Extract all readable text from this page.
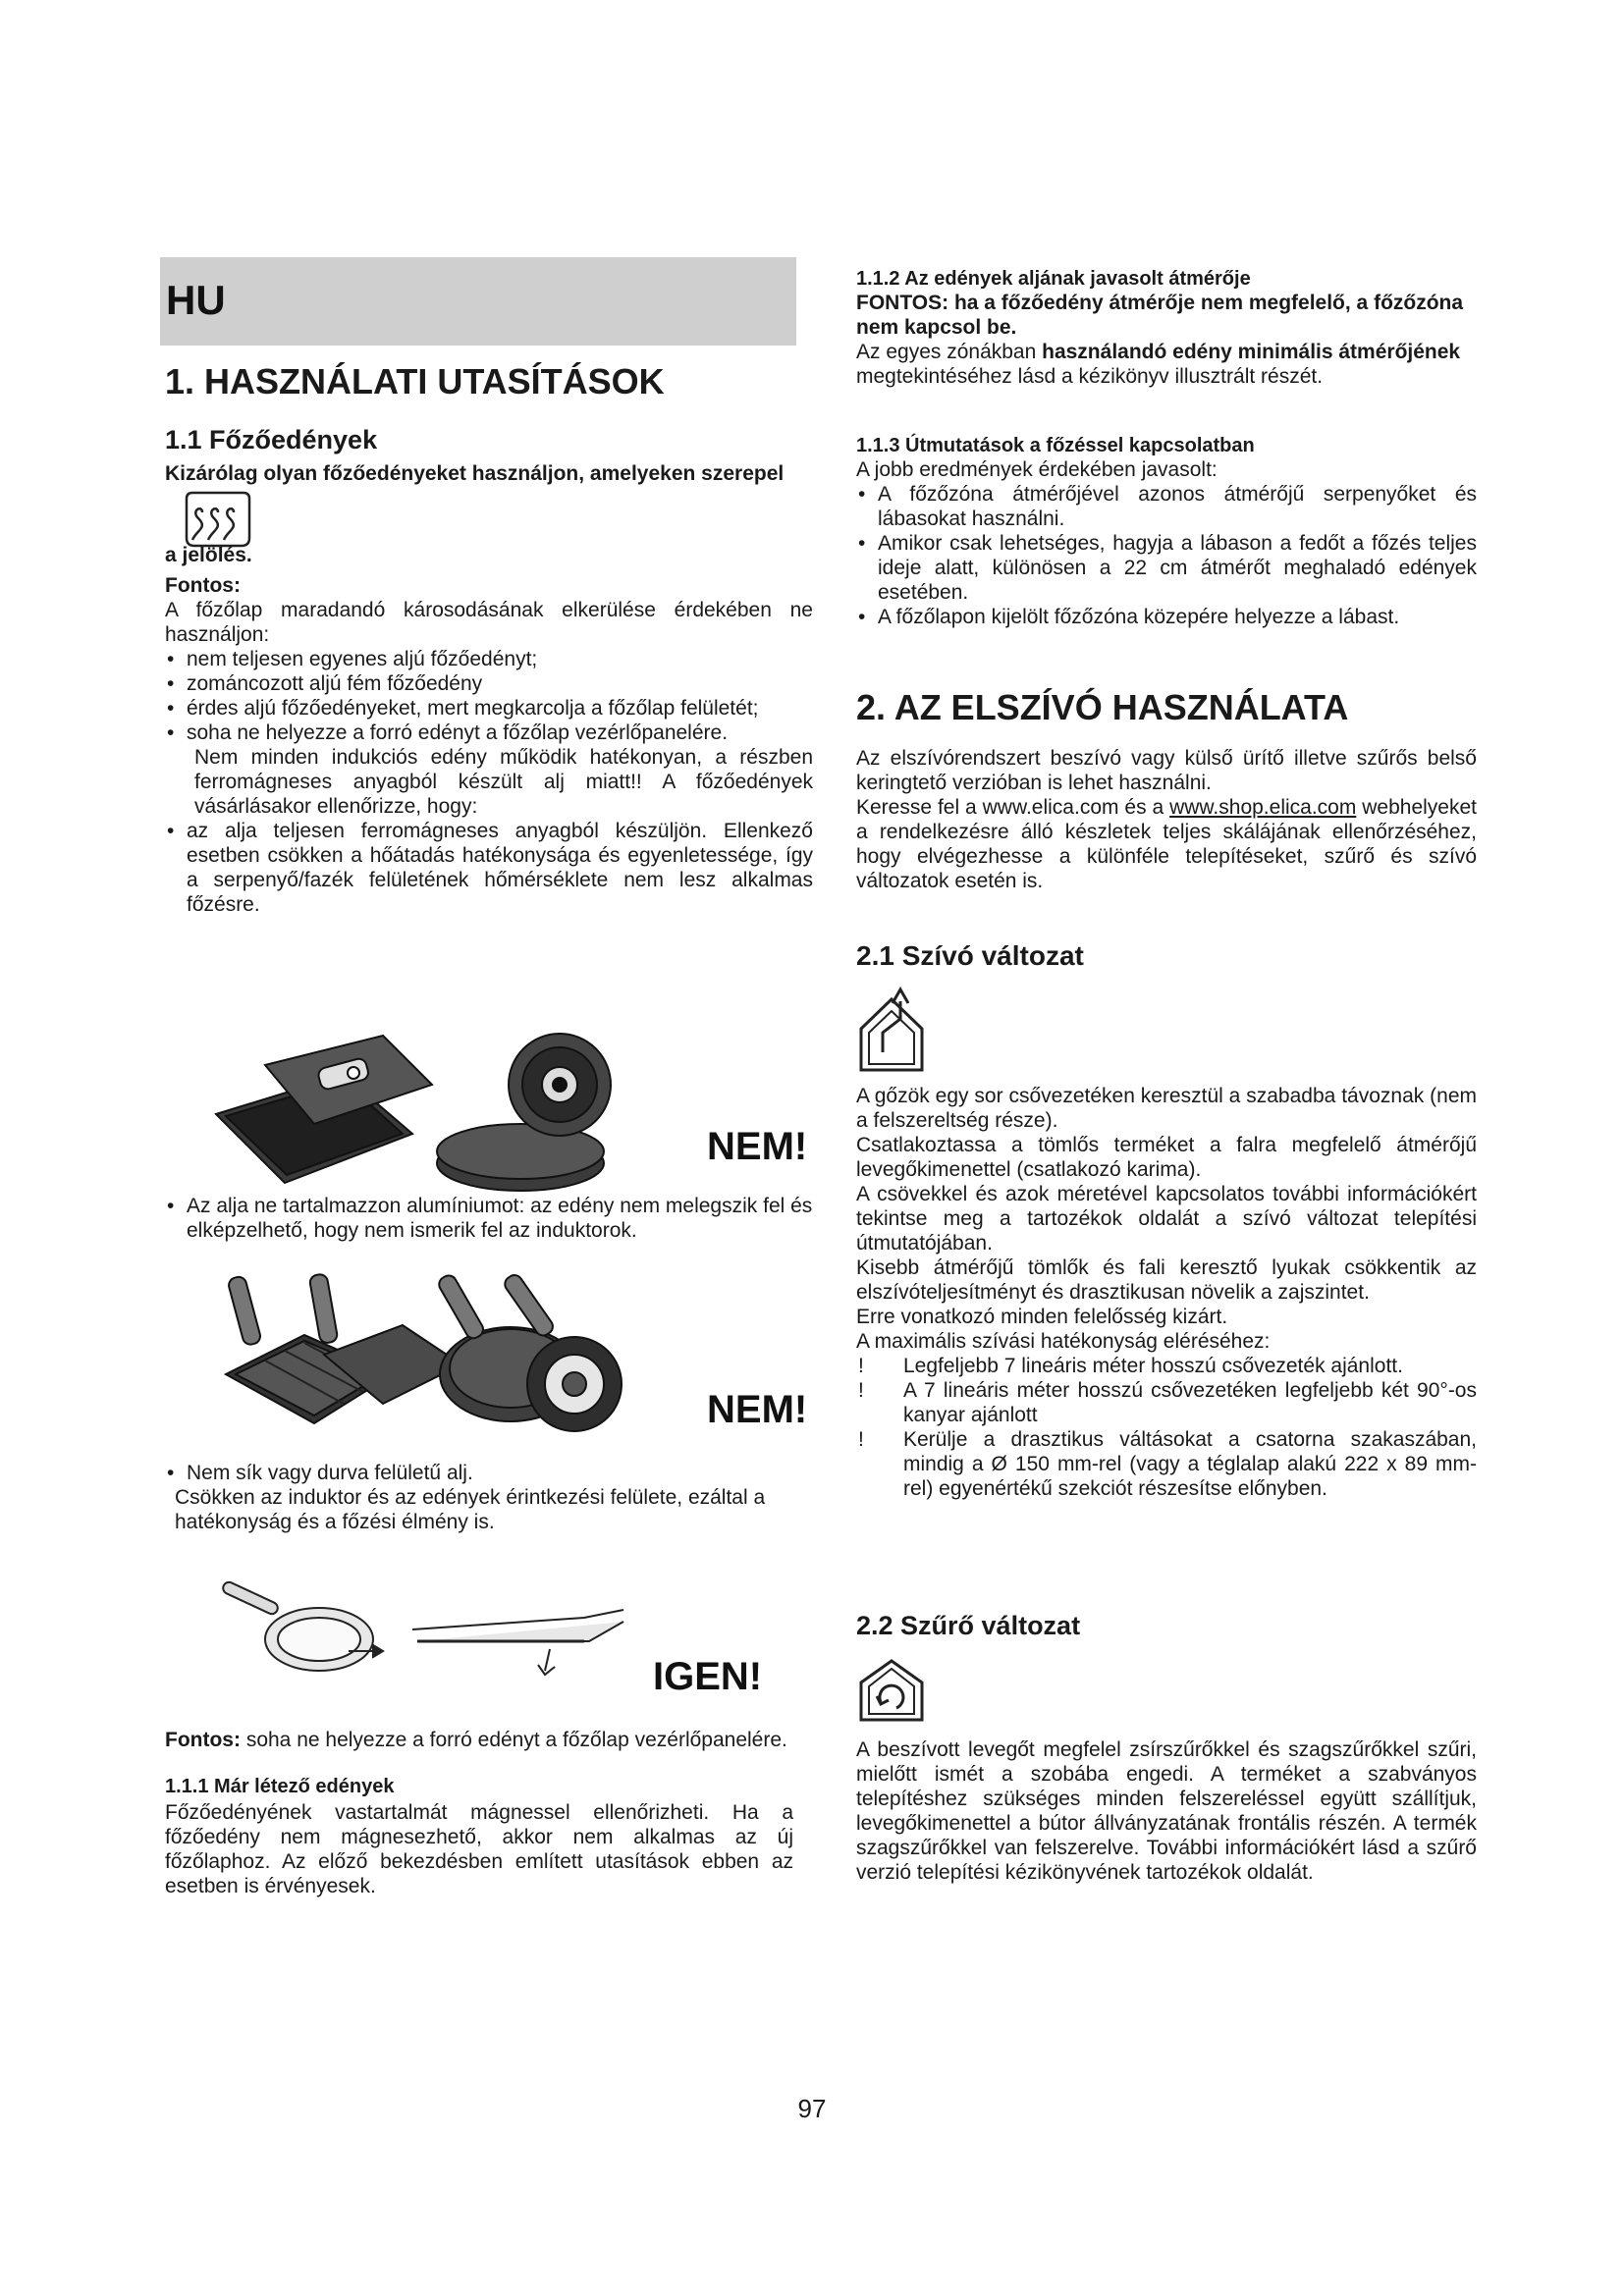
HU
1. HASZNÁLATI UTASÍTÁSOK
1.1 Főzőedények

Kizárólag olyan főzőedényeket használjon, amelyeken szerepel

a jelölés.

Fontos:

A főzőlap maradandó károsodásának elkerülése érdekében ne használjon:

• nem teljesen egyenes aljú főzőedényt;
• zománcozott aljú fém főzőedény
• érdes aljú főzőedényeket, mert megkarcolja a főzőlap felületét;
• soha ne helyezze a forró edényt a főzőlap vezérlőpanelére.

Nem minden indukciós edény működik hatékonyan, a részben ferromágneses anyagból készült alj miatt!! A főzőedények vásárlásakor ellenőrizze, hogy:

• az alja teljesen ferromágneses anyagból készüljön. Ellenkező esetben csökken a hőátadás hatékonysága és egyenletessége, így a serpenyő/fazék felületének hőmérséklete nem lesz alkalmas főzésre.
NEM!
• Az alja ne tartalmazzon alumíniumot: az edény nem melegszik fel és elképzelhető, hogy nem ismerik fel az induktorok.
NEM!
• Nem sík vagy durva felületű alj.

Csökken az induktor és az edények érintkezési felülete, ezáltal a hatékonyság és a főzési élmény is.

IGEN!

Fontos: soha ne helyezze a forró edényt a főzőlap vezérlőpanelére.

1.1.1 Már létező edények

Főzőedényének vastartalmát mágnessel ellenőrizheti. Ha a főzőedény nem mágnesezhető, akkor nem alkalmas az új főzőlaphoz. Az előző bekezdésben említett utasítások ebben az esetben is érvényesek.

1.1.2 Az edények aljának javasolt átmérője

FONTOS: ha a főzőedény átmérője nem megfelelő, a főzőzóna nem kapcsol be.

Az egyes zónákban használandó edény minimális átmérőjének megtekintéséhez lásd a kézikönyv illusztrált részét.

1.1.3 Útmutatások a főzéssel kapcsolatban

A jobb eredmények érdekében javasolt:

• A főzőzóna átmérőjével azonos átmérőjű serpenyőket és lábasokat használni.
• Amikor csak lehetséges, hagyja a lábason a fedőt a főzés teljes ideje alatt, különösen a 22 cm átmérőt meghaladó edények esetében.
• A főzőlapon kijelölt főzőzóna közepére helyezze a lábast.
2. AZ ELSZÍVÓ HASZNÁLATA

Az elszívórendszert beszívó vagy külső ürítő illetve szűrős belső keringtető verzióban is lehet használni.

Keresse fel a www.elica.com és a www.shop.elica.com webhelyeket a rendelkezésre álló készletek teljes skálájának ellenőrzéséhez, hogy elvégezhesse a különféle telepítéseket, szűrő és szívó változatok esetén is.

2.1 Szívó változat

A gőzök egy sor csővezetéken keresztül a szabadba távoznak (nem a felszereltség része).

Csatlakoztassa a tömlős terméket a falra megfelelő átmérőjű levegőkimenettel (csatlakozó karima).

A csövekkel és azok méretével kapcsolatos további információkért tekintse meg a tartozékok oldalát a szívó változat telepítési útmutatójában.

Kisebb átmérőjű tömlők és fali keresztő lyukak csökkentik az elszívóteljesítményt és drasztikusan növelik a zajszintet.

Erre vonatkozó minden felelősség kizárt.

A maximális szívási hatékonyság eléréséhez:

! Legfeljebb 7 lineáris méter hosszú csővezeték ajánlott.
! A 7 lineáris méter hosszú csővezetéken legfeljebb két 90°-os kanyar ajánlott
! Kerülje a drasztikus váltásokat a csatorna szakaszában, mindig a Ø 150 mm-rel (vagy a téglalap alakú 222 x 89 mm-rel) egyenértékű szekciót részesítse előnyben.
2.2 Szűrő változat

A beszívott levegőt megfelel zsírszűrőkkel és szagszűrőkkel szűri, mielőtt ismét a szobába engedi. A terméket a szabványos telepítéshez szükséges minden felszereléssel együtt szállítjuk, levegőkimenettel a bútor állványzatának frontális részén. A termék szagszűrőkkel van felszerelve. További információkért lásd a szűrő verzió telepítési kézikönyvének tartozékok oldalát.

97
